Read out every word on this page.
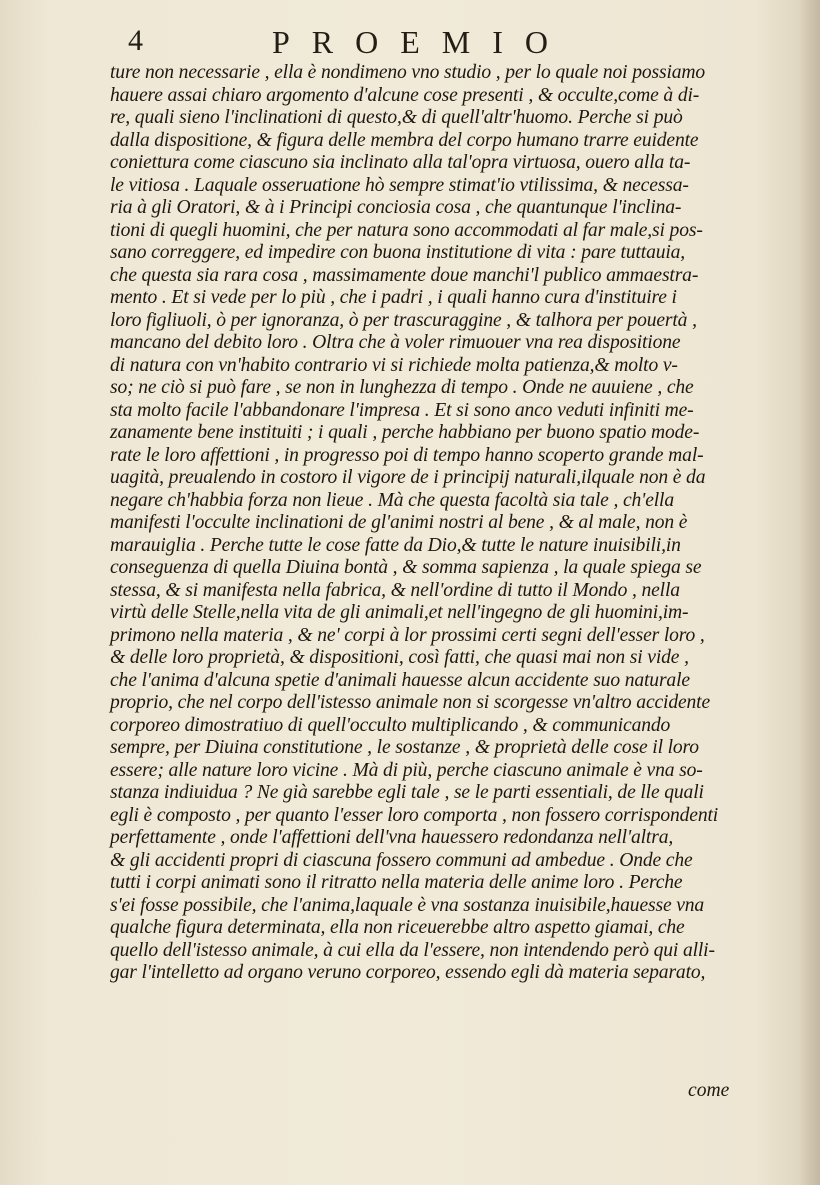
4	PROEMIO
ture non necessarie , ella è nondimeno vno studio , per lo quale noi possiamo
hauere assai chiaro argomento d'alcune cose presenti , & occulte,come à di-
re, quali sieno l'inclinationi di questo,& di quell'altr'huomo. Perche si può
dalla dispositione, & figura delle membra del corpo humano trarre euidente
conietturа come ciascuno sia inclinato alla tal'opra virtuosa, ouero alla ta-
le vitiosa . Laquale osseruatione hò sempre stimat'io vtilissima, & necessa-
ria à gli Oratori, & à i Principi conciosia cosa , che quantunque l'inclina-
tioni di quegli huomini, che per natura sono accommodati al far male,si pos-
sano correggere, ed impedire con buona institutione di vita : pare tuttauia,
che questa sia rara cosa , massimamente doue manchi'l publico ammaestra-
mento . Et si vede per lo più , che i padri , i quali hanno cura d'instituire i
loro figliuoli, ò per ignoranza, ò per trascuraggine , & talhora per pouertà ,
mancano del debito loro . Oltra che à voler rimuouer vna rea dispositione
di natura con vn'habito contrario vi si richiede molta patienza,& molto v-
so; ne ciò si può fare , se non in lunghezza di tempo . Onde ne auuiene , che
sta molto facile l'abbandonare l'impresa . Et si sono anco veduti infiniti me-
zanamente bene instituiti ; i quali , perche habbiano per buono spatio mode-
rate le loro affettioni , in progresso poi di tempo hanno scoperto grande mal-
uagità, preualendo in costoro il vigore de i principij naturali,ilquale non è da
negare ch'habbia forza non lieue . Mà che questa facoltà sia tale , ch'ella
manifesti l'occulte inclinationi de gl'animi nostri al bene , & al male, non è
marauiglia . Perche tutte le cose fatte da Dio,& tutte le nature inuisibili,in
conseguenza di quella Diuina bontà , & somma sapienza , la quale spiega se
stessa, & si manifesta nella fabrica, & nell'ordine di tutto il Mondo , nella
virtù delle Stelle,nella vita de gli animali,et nell'ingegno de gli huomini,im-
primono nella materia , & ne' corpi à lor prossimi certi segni dell'esser loro ,
& delle loro proprietà, & dispositioni, così fatti, che quasi mai non si vide ,
che l'anima d'alcuna spetie d'animali hauesse alcun accidente suo naturale
proprio, che nel corpo dell'istesso animale non si scorgesse vn'altro accidente
corporeo dimostratiuo di quell'occulto multiplicando , & communicando
sempre, per Diuina constitutione , le sostanze , & proprietà delle cose il loro
essere; alle nature loro vicine . Mà di più, perche ciascuno animale è vna so-
stanza indiuidua ? Ne già sarebbe egli tale , se le parti essentiali, de lle quali
egli è composto , per quanto l'esser loro comporta , non fossero corrispondenti
perfettamente , onde l'affettioni dell'vna hauessero redondanza nell'altra,
& gli accidenti propri di ciascuna fossero communi ad ambedue . Onde che
tutti i corpi animati sono il ritratto nella materia delle anime loro . Perche
s'ei fosse possibile, che l'anima,laquale è vna sostanza inuisibile,hauesse vna
qualche figura determinata, ella non riceuerebbe altro aspetto giamai, che
quello dell'istesso animale, à cui ella da l'essere, non intendendo però qui alli-
gar l'intelletto ad organo veruno corporeo, essendo egli dà materia separato,
come
